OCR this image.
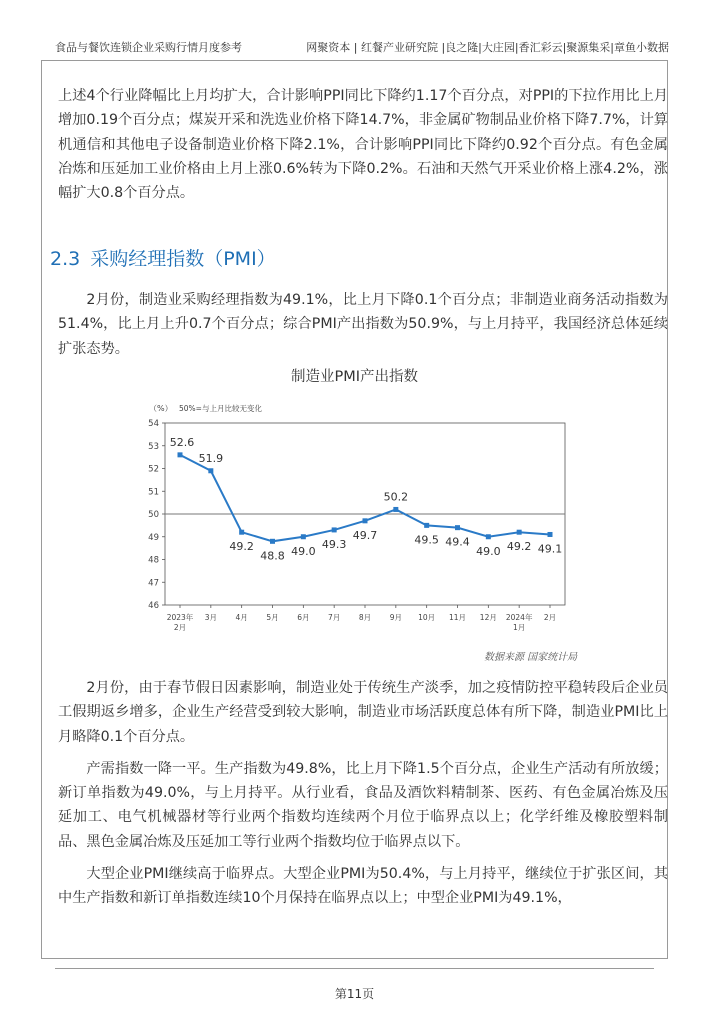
食品与餐饮连锁企业采购行情月度参考	网聚资本 | 红餐产业研究院 |良之隆|大庄园|香汇彩云|聚源集采|章鱼小数据

上述4个行业降幅比上月均扩大，合计影响PPI同比下降约1.17个百分点，对PPI的下拉作用比上月增加0.19个百分点；煤炭开采和洗选业价格下降14.7%，非金属矿物制品业价格下降7.7%，计算机通信和其他电子设备制造业价格下降2.1%，合计影响PPI同比下降约0.92个百分点。有色金属冶炼和压延加工业价格由上月上涨0.6%转为下降0.2%。石油和天然气开采业价格上涨4.2%，涨幅扩大0.8个百分点。

2.3 采购经理指数（PMI）

2月份，制造业采购经理指数为49.1%，比上月下降0.1个百分点；非制造业商务活动指数为51.4%，比上月上升0.7个百分点；综合PMI产出指数为50.9%，与上月持平，我国经济总体延续扩张态势。

制造业PMI产出指数
（%） 50%=与上月比较无变化
46
47
48
49
50
51
52
53
54
2023年 2月
3月 4月 5月 6月 7月 8月 9月 10月 11月 12月 2024年 1月
2月
52.6
51.9
49.2
48.8 49.0
49.3
49.7
50.2
49.5 49.4
49.0 49.2 49.1
数据来源 国家统计局

2月份，由于春节假日因素影响，制造业处于传统生产淡季，加之疫情防控平稳转段后企业员工假期返乡增多，企业生产经营受到较大影响，制造业市场活跃度总体有所下降，制造业PMI比上月略降0.1个百分点。

产需指数一降一平。生产指数为49.8%，比上月下降1.5个百分点，企业生产活动有所放缓；新订单指数为49.0%，与上月持平。从行业看，食品及酒饮料精制茶、医药、有色金属冶炼及压延加工、电气机械器材等行业两个指数均连续两个月位于临界点以上；化学纤维及橡胶塑料制品、黑色金属冶炼及压延加工等行业两个指数均位于临界点以下。

大型企业PMI继续高于临界点。大型企业PMI为50.4%，与上月持平，继续位于扩张区间，其中生产指数和新订单指数连续10个月保持在临界点以上；中型企业PMI为49.1%，

第11页
